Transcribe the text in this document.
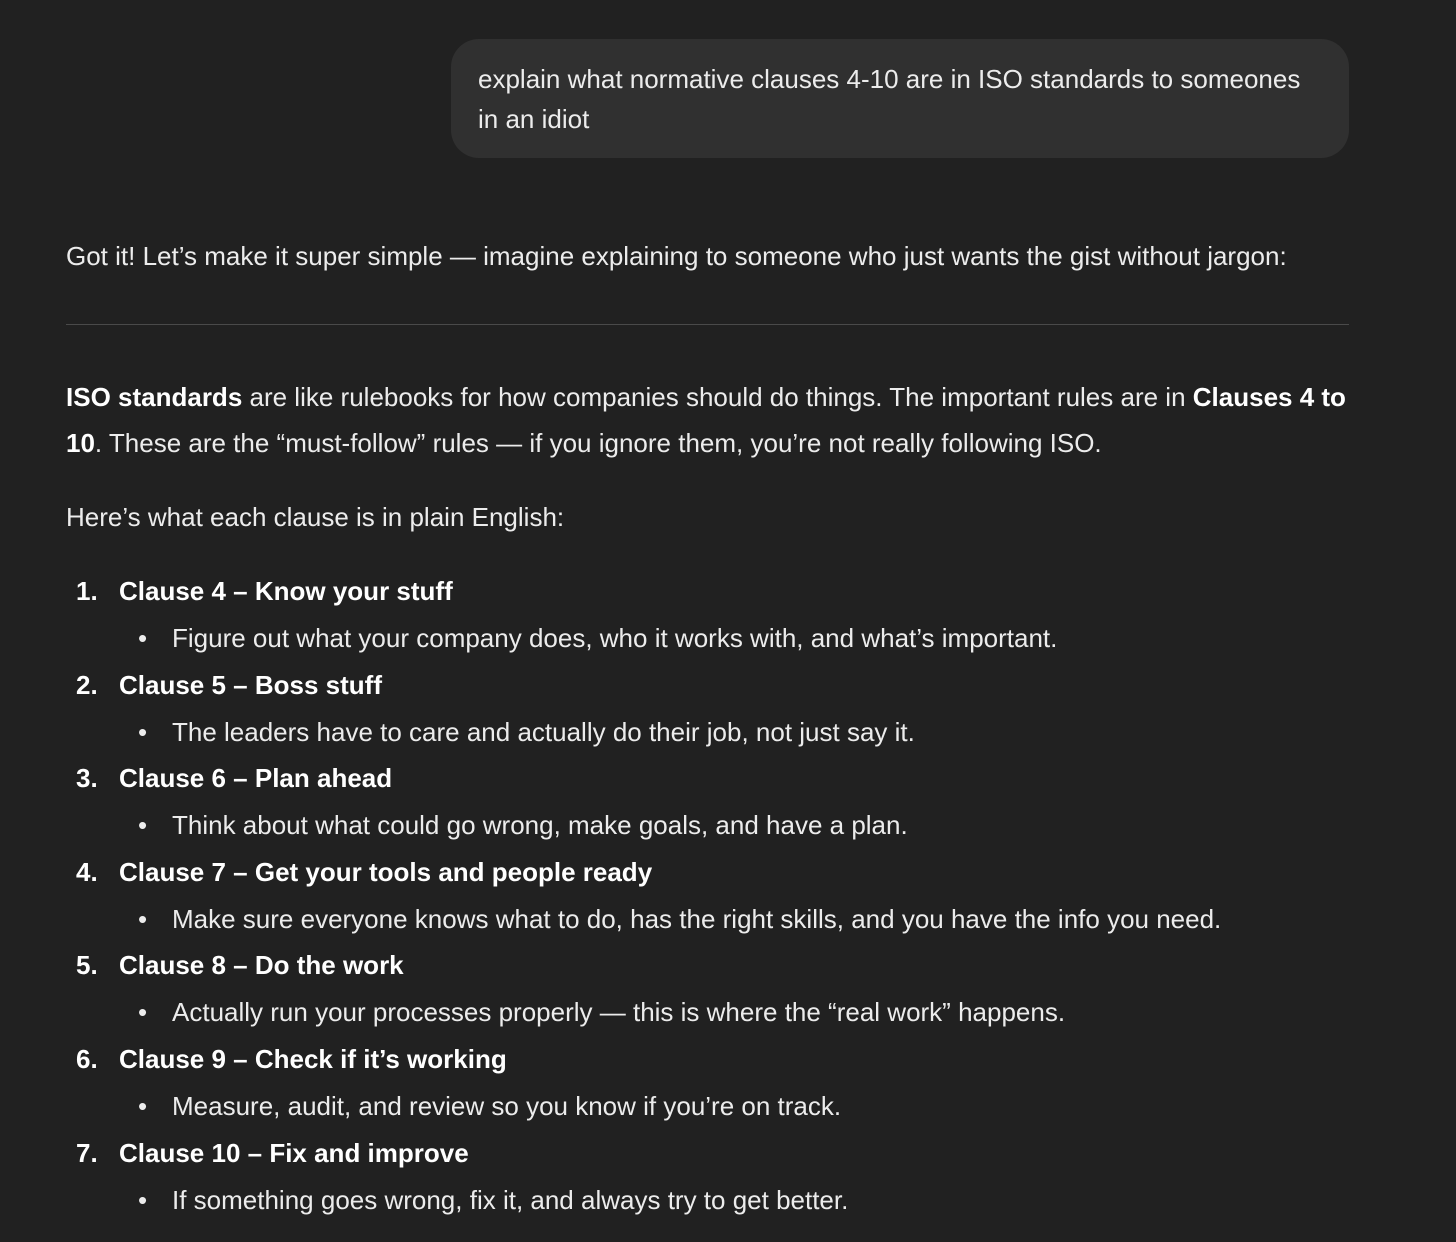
explain what normative clauses 4-10 are in ISO standards to someones in an idiot
Got it! Let’s make it super simple — imagine explaining to someone who just wants the gist without jargon:
ISO standards are like rulebooks for how companies should do things. The important rules are in Clauses 4 to 10. These are the “must-follow” rules — if you ignore them, you’re not really following ISO.
Here’s what each clause is in plain English:
1. Clause 4 – Know your stuff
• Figure out what your company does, who it works with, and what’s important.
2. Clause 5 – Boss stuff
• The leaders have to care and actually do their job, not just say it.
3. Clause 6 – Plan ahead
• Think about what could go wrong, make goals, and have a plan.
4. Clause 7 – Get your tools and people ready
• Make sure everyone knows what to do, has the right skills, and you have the info you need.
5. Clause 8 – Do the work
• Actually run your processes properly — this is where the “real work” happens.
6. Clause 9 – Check if it’s working
• Measure, audit, and review so you know if you’re on track.
7. Clause 10 – Fix and improve
• If something goes wrong, fix it, and always try to get better.
